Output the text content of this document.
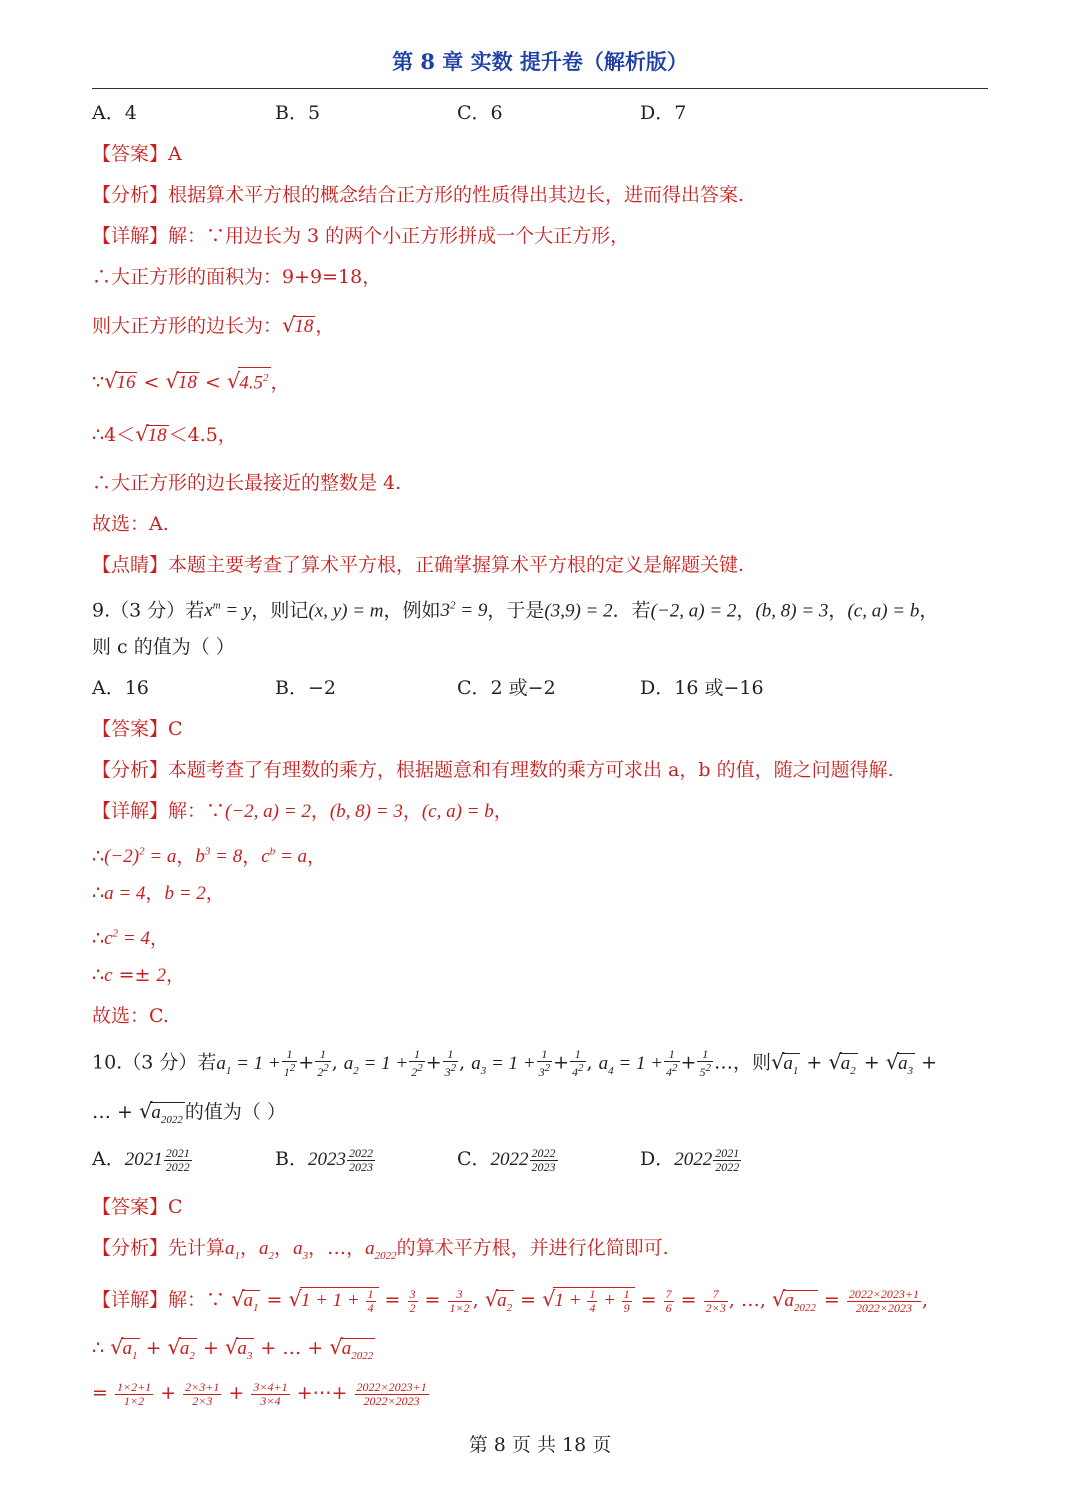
第 8 章 实数 提升卷（解析版）
A．4	B．5	C．6	D．7
【答案】A
【分析】根据算术平方根的概念结合正方形的性质得出其边长，进而得出答案.
【详解】解：∵用边长为 3 的两个小正方形拼成一个大正方形，
∴大正方形的面积为：9+9=18，
则大正方形的边长为：√18 ，
∵√16 < $√18 < √4.5^2$ ，
∴4＜√18 ＜4.5，
∴大正方形的边长最接近的整数是 4.
故选：A.
【点睛】本题主要考查了算术平方根，正确掌握算术平方根的定义是解题关键.
9.（3 分）若$x^m = y$，则记(x, y) = m，例如$3^2 = 9$，于是(3,9) = 2．若(−2, a) = 2，(b, 8) = 3，(c, a) = b，
则 c 的值为（ ）
A．16	B．−2	C．2 或−2	D．16 或−16
【答案】C
【分析】本题考查了有理数的乘方，根据题意和有理数的乘方可求出 a，b 的值，随之问题得解.
【详解】解：∵(−2, a) = 2，(b, 8) = 3，(c, a) = b，
$\therefore(-2)^2 = a$，$b^3 = 8$，$c^b = a$，
∴a = 4，b = 2，
$\therefore c^2 = 4$，
∴c =± 2，
故选：C.
10.（3 分）若$a_1 = 1 + \frac{1}{1^2} + \frac{1}{2^2}$ , $a_2 = 1 + \frac{1}{2^2} + \frac{1}{3^2}$ , $a_3 = 1 + \frac{1}{3^2} + \frac{1}{4^2}$ , $a_4 = 1 + \frac{1}{4^2} + \frac{1}{5^2}$ …，则$√a_1 + √a_2 + √a_3$ +
… + $√a_{2022}$ 的值为（ ）
A．$2021 \frac{2021}{2022}$	B．$2023 \frac{2022}{2023}$	C．$2022 \frac{2022}{2023}$	D．$2022 \frac{2021}{2022}$
【答案】C
【分析】先计算$a_1$，$a_2$，$a_3$，…，$a_{2022}$的算术平方根，并进行化简即可.
【详解】解：∵ $√a_1 = √1 + 1 + \frac{1}{4} = \frac{3}{2} = \frac{3}{1\times 2}$ , $√a_2 = √1 + \frac{1}{4} + \frac{1}{9} = \frac{7}{6} = \frac{7}{2\times 3}$ , …, $√a_{2022} = \frac{2022\times 2023+1}{2022\times 2023}$ ,
∴ $√a_1 + √a_2 + √a_3$ + … + $√a_{2022}$
= $\frac{1\times 2+1}{1\times 2} + \frac{2\times 3+1}{2\times 3} + \frac{3\times 4+1}{3\times 4}$ +⋯+ $\frac{2022\times 2023+1}{2022\times 2023}$
第 8 页 共 18 页
